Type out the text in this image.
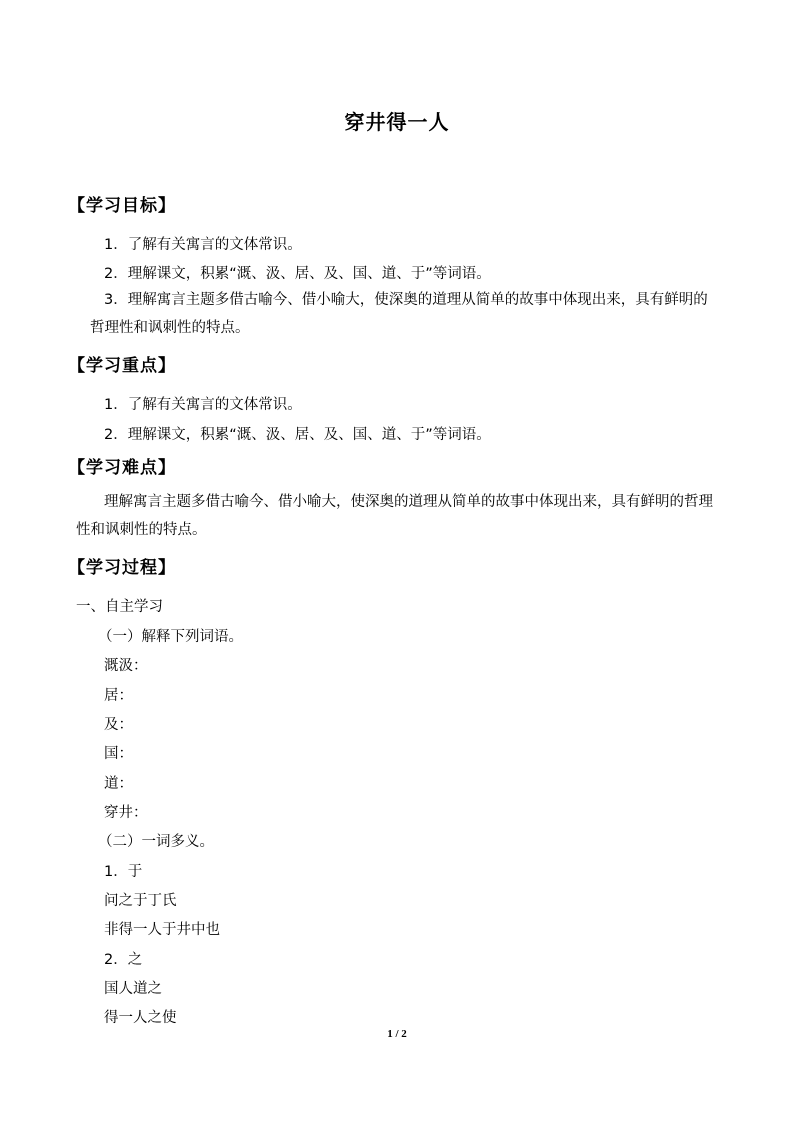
穿井得一人
【学习目标】
1．了解有关寓言的文体常识。
2．理解课文，积累“溉、汲、居、及、国、道、于”等词语。
3．理解寓言主题多借古喻今、借小喻大，使深奥的道理从简单的故事中体现出来，具有鲜明的哲理性和讽刺性的特点。
【学习重点】
1．了解有关寓言的文体常识。
2．理解课文，积累“溉、汲、居、及、国、道、于”等词语。
【学习难点】
理解寓言主题多借古喻今、借小喻大，使深奥的道理从简单的故事中体现出来，具有鲜明的哲理性和讽刺性的特点。
【学习过程】
一、自主学习
（一）解释下列词语。
溉汲：
居：
及：
国：
道：
穿井：
（二）一词多义。
1．于
问之于丁氏
非得一人于井中也
2．之
国人道之
得一人之使
1 / 2
